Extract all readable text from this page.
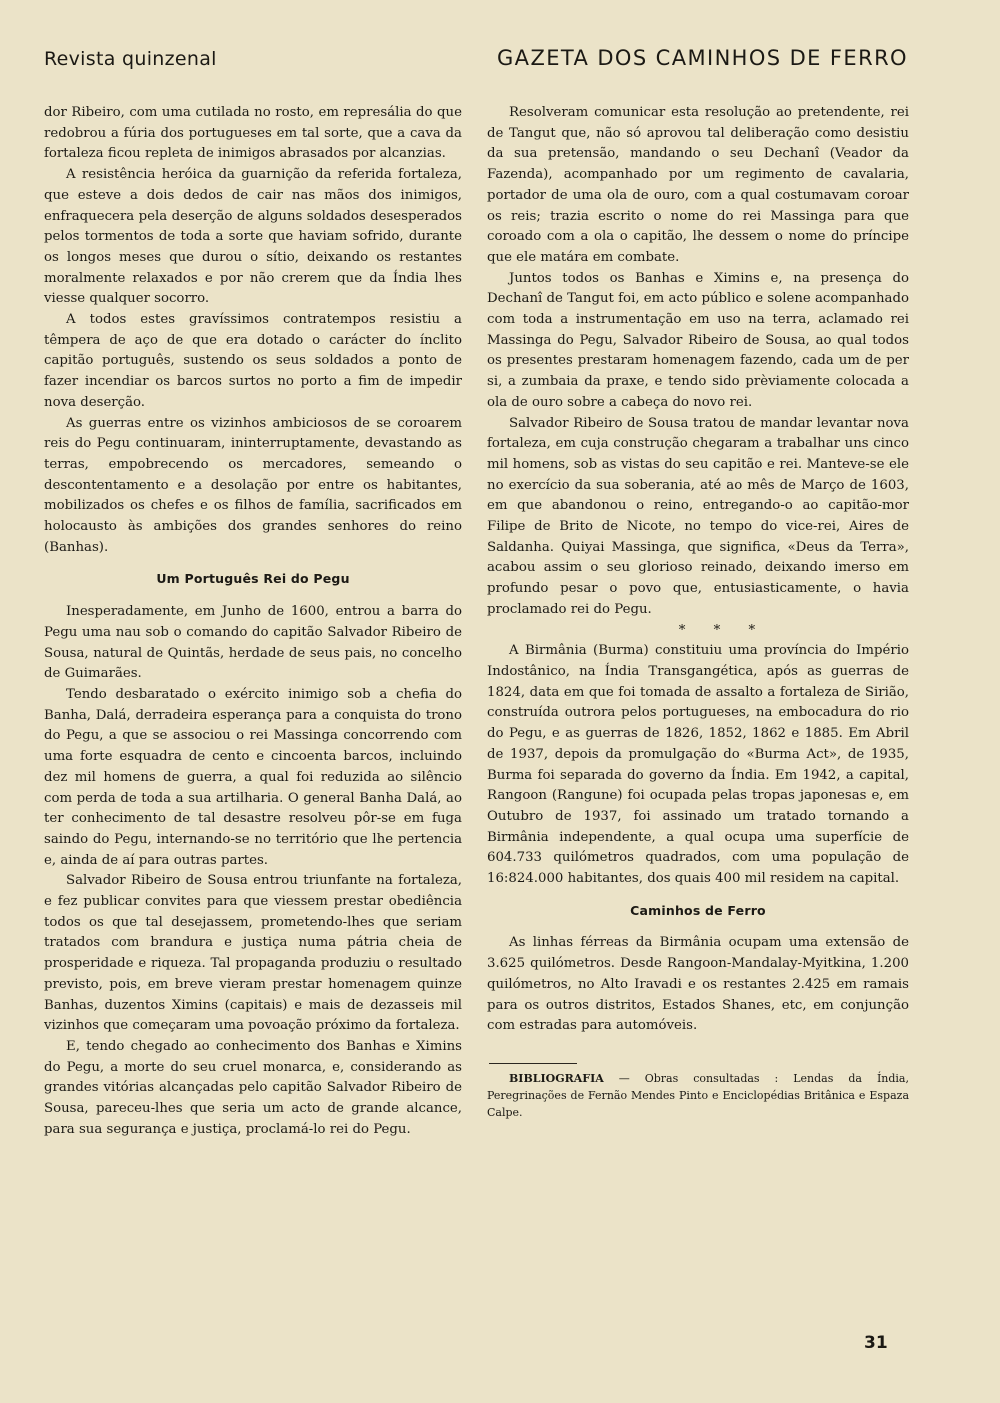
Revista quinzenal	GAZETA DOS CAMINHOS DE FERRO

dor Ribeiro, com uma cutilada no rosto, em represália do que redobrou a fúria dos portugueses em tal sorte, que a cava da fortaleza ficou repleta de inimigos abrasados por alcanzias.

A resistência heróica da guarnição da referida fortaleza, que esteve a dois dedos de cair nas mãos dos inimigos, enfraquecera pela deserção de alguns soldados desesperados pelos tormentos de toda a sorte que haviam sofrido, durante os longos meses que durou o sítio, deixando os restantes moralmente relaxados e por não crerem que da Índia lhes viesse qualquer socorro.

A todos estes gravíssimos contratempos resistiu a têmpera de aço de que era dotado o carácter do ínclito capitão português, sustendo os seus soldados a ponto de fazer incendiar os barcos surtos no porto a fim de impedir nova deserção.

As guerras entre os vizinhos ambiciosos de se coroarem reis do Pegu continuaram, ininterruptamente, devastando as terras, empobrecendo os mercadores, semeando o descontentamento e a desolação por entre os habitantes, mobilizados os chefes e os filhos de família, sacrificados em holocausto às ambições dos grandes senhores do reino (Banhas).

Um Português Rei do Pegu

Inesperadamente, em Junho de 1600, entrou a barra do Pegu uma nau sob o comando do capitão Salvador Ribeiro de Sousa, natural de Quintãs, herdade de seus pais, no concelho de Guimarães.

Tendo desbaratado o exército inimigo sob a chefia do Banha, Dalá, derradeira esperança para a conquista do trono do Pegu, a que se associou o rei Massinga concorrendo com uma forte esquadra de cento e cincoenta barcos, incluindo dez mil homens de guerra, a qual foi reduzida ao silêncio com perda de toda a sua artilharia. O general Banha Dalá, ao ter conhecimento de tal desastre resolveu pôr-se em fuga saindo do Pegu, internando-se no território que lhe pertencia e, ainda de aí para outras partes.

Salvador Ribeiro de Sousa entrou triunfante na fortaleza, e fez publicar convites para que viessem prestar obediência todos os que tal desejassem, prometendo-lhes que seriam tratados com brandura e justiça numa pátria cheia de prosperidade e riqueza. Tal propaganda produziu o resultado previsto, pois, em breve vieram prestar homenagem quinze Banhas, duzentos Ximins (capitais) e mais de dezasseis mil vizinhos que começaram uma povoação próximo da fortaleza.

E, tendo chegado ao conhecimento dos Banhas e Ximins do Pegu, a morte do seu cruel monarca, e, considerando as grandes vitórias alcançadas pelo capitão Salvador Ribeiro de Sousa, pareceu-lhes que seria um acto de grande alcance, para sua segurança e justiça, proclamá-lo rei do Pegu.

Resolveram comunicar esta resolução ao pretendente, rei de Tangut que, não só aprovou tal deliberação como desistiu da sua pretensão, mandando o seu Dechanî (Veador da Fazenda), acompanhado por um regimento de cavalaria, portador de uma ola de ouro, com a qual costumavam coroar os reis; trazia escrito o nome do rei Massinga para que coroado com a ola o capitão, lhe dessem o nome do príncipe que ele matára em combate.

Juntos todos os Banhas e Ximins e, na presença do Dechanî de Tangut foi, em acto público e solene acompanhado com toda a instrumentação em uso na terra, aclamado rei Massinga do Pegu, Salvador Ribeiro de Sousa, ao qual todos os presentes prestaram homenagem fazendo, cada um de per si, a zumbaia da praxe, e tendo sido prèviamente colocada a ola de ouro sobre a cabeça do novo rei.

Salvador Ribeiro de Sousa tratou de mandar levantar nova fortaleza, em cuja construção chegaram a trabalhar uns cinco mil homens, sob as vistas do seu capitão e rei. Manteve-se ele no exercício da sua soberania, até ao mês de Março de 1603, em que abandonou o reino, entregando-o ao capitão-mor Filipe de Brito de Nicote, no tempo do vice-rei, Aires de Saldanha. Quiyai Massinga, que significa, «Deus da Terra», acabou assim o seu glorioso reinado, deixando imerso em profundo pesar o povo que, entusiasticamente, o havia proclamado rei do Pegu.

* * *

A Birmânia (Burma) constituiu uma província do Império Indostânico, na Índia Transgangética, após as guerras de 1824, data em que foi tomada de assalto a fortaleza de Sirião, construída outrora pelos portugueses, na embocadura do rio do Pegu, e as guerras de 1826, 1852, 1862 e 1885. Em Abril de 1937, depois da promulgação do «Burma Act», de 1935, Burma foi separada do governo da Índia. Em 1942, a capital, Rangoon (Rangune) foi ocupada pelas tropas japonesas e, em Outubro de 1937, foi assinado um tratado tornando a Birmânia independente, a qual ocupa uma superfície de 604.733 quilómetros quadrados, com uma população de 16:824.000 habitantes, dos quais 400 mil residem na capital.

Caminhos de Ferro

As linhas férreas da Birmânia ocupam uma extensão de 3.625 quilómetros. Desde Rangoon-Mandalay-Myitkina, 1.200 quilómetros, no Alto Iravadi e os restantes 2.425 em ramais para os outros distritos, Estados Shanes, etc, em conjunção com estradas para automóveis.

BIBLIOGRAFIA — Obras consultadas : Lendas da Índia, Peregrinações de Fernão Mendes Pinto e Enciclopédias Britânica e Espaza Calpe.

31
